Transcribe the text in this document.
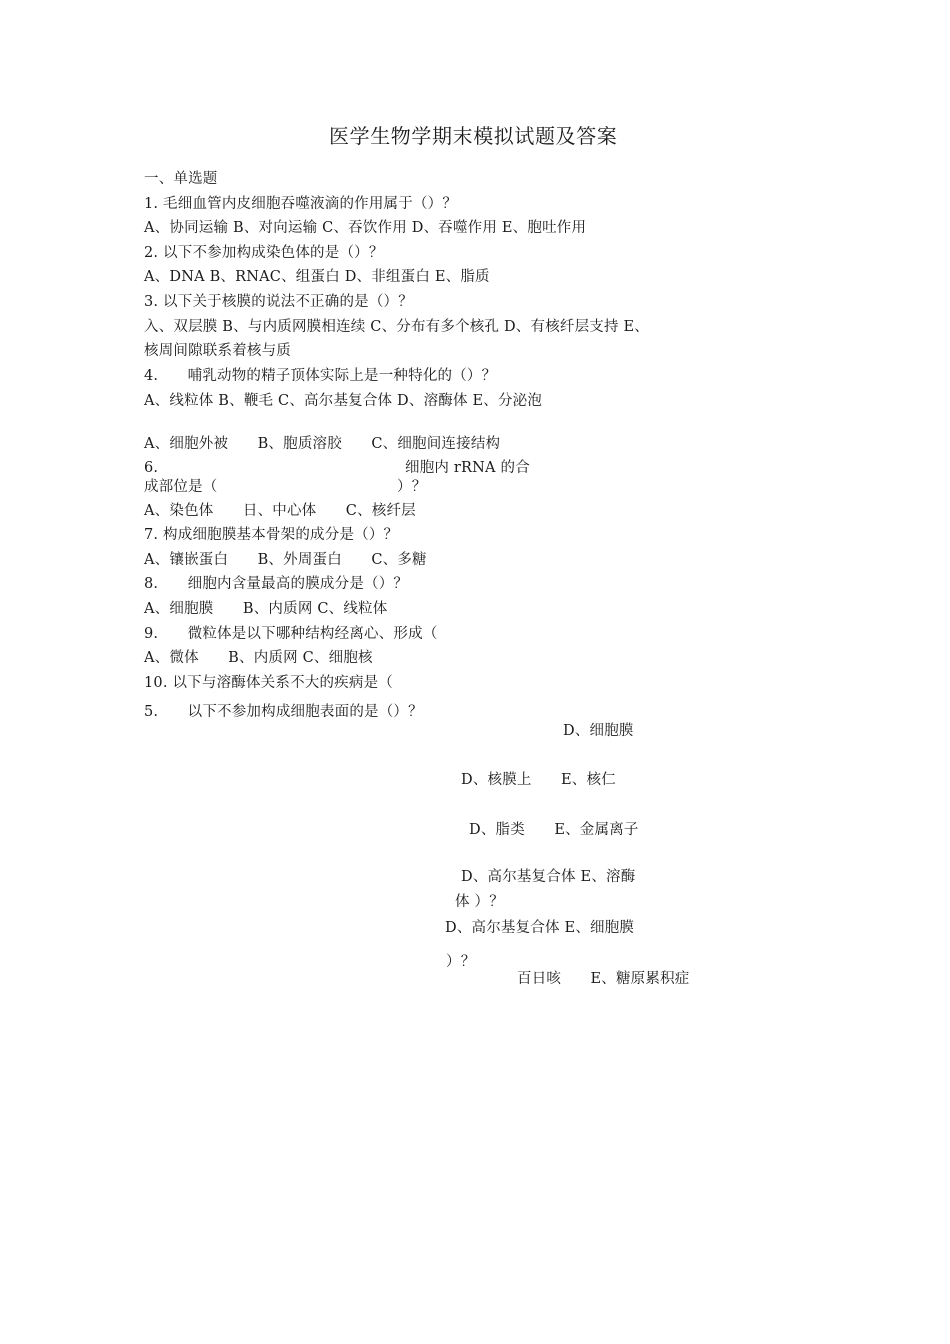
医学生物学期末模拟试题及答案
一、单选题
1. 毛细血管内皮细胞吞噬液滴的作用属于（）？
A、协同运输 B、对向运输 C、吞饮作用 D、吞噬作用 E、胞吐作用
2. 以下不参加构成染色体的是（）？
A、DNA B、RNAC、组蛋白 D、非组蛋白 E、脂质
3. 以下关于核膜的说法不正确的是（）？
入、双层膜 B、与内质网膜相连续 C、分布有多个核孔 D、有核纤层支持 E、
核周间隙联系着核与质
4.　　哺乳动物的精子顶体实际上是一种特化的（）？
A、线粒体 B、鞭毛 C、高尔基复合体 D、溶酶体 E、分泌泡
A、细胞外被　　B、胞质溶胶　　C、细胞间连接结构
6.	细胞内 rRNA 的合
成部位是（	）？
A、染色体　　日、中心体　　C、核纤层
7. 构成细胞膜基本骨架的成分是（）？
A、镶嵌蛋白　　B、外周蛋白　　C、多糖
8.　　细胞内含量最高的膜成分是（）？
A、细胞膜　　B、内质网 C、线粒体
9.　　微粒体是以下哪种结构经离心、形成（
A、微体　　B、内质网 C、细胞核
10. 以下与溶酶体关系不大的疾病是（
5.　　以下不参加构成细胞表面的是（）？
D、细胞膜
D、核膜上　　E、核仁
D、脂类　　E、金属离子
D、高尔基复合体 E、溶酶
体 ）？
D、高尔基复合体 E、细胞膜
）？
百日咳　　E、糖原累积症
